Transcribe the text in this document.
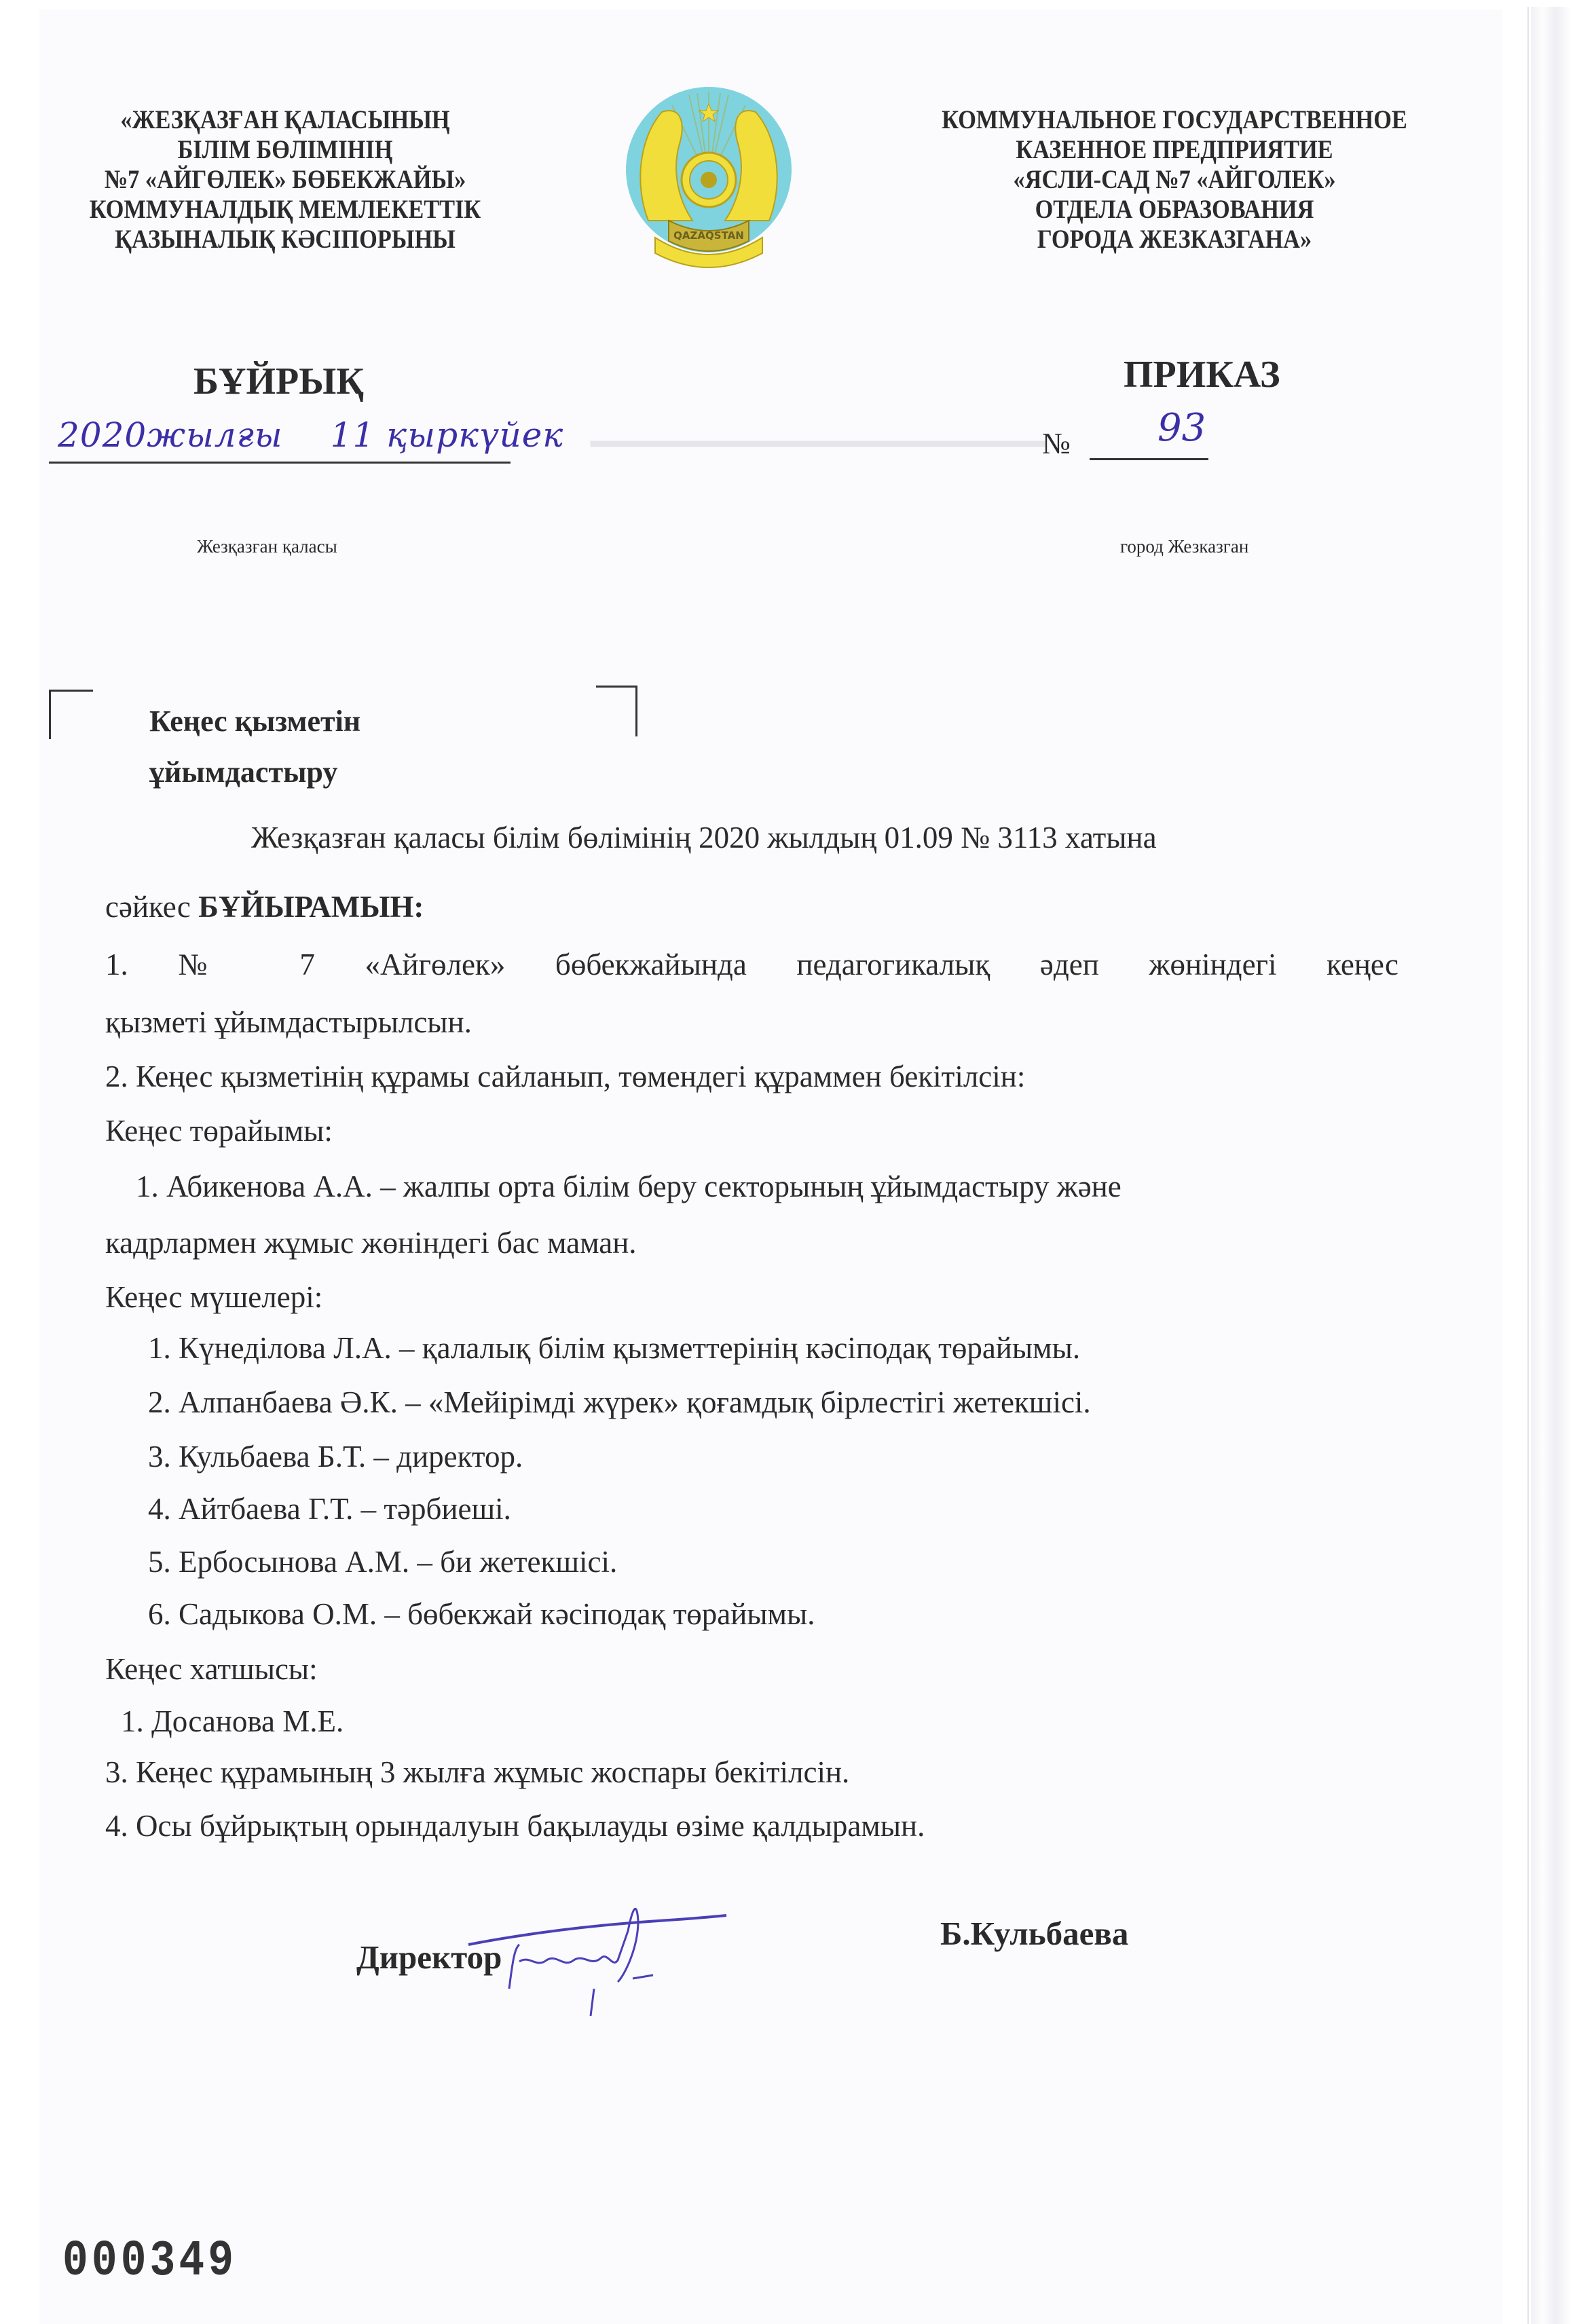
▁▁▁▁▁▁▁▁▁▁▁▁▁▁▁
«ЖЕЗҚАЗҒАН ҚАЛАСЫНЫҢ
БІЛІМ БӨЛІМІНІҢ
№7 «АЙГӨЛЕК» БӨБЕКЖАЙЫ»
КОММУНАЛДЫҚ МЕМЛЕКЕТТІК
ҚАЗЫНАЛЫҚ КӘСІПОРЫНЫ
КОММУНАЛЬНОЕ ГОСУДАРСТВЕННОЕ
КАЗЕННОЕ ПРЕДПРИЯТИЕ
«ЯСЛИ-САД №7 «АЙГОЛЕК»
ОТДЕЛА ОБРАЗОВАНИЯ
ГОРОДА ЖЕЗКАЗГАНА»
QAZAQSTAN
БҰЙРЫҚ	ПРИКАЗ
2020жылғы 11 қыркүйек	№ 93
Жезқазған қаласы	город Жезказган
Кеңес қызметін
ұйымдастыру
Жезқазған қаласы білім бөлімінің 2020 жылдың 01.09 № 3113 хатына
сәйкес БҰЙЫРАМЫН:
1. № 7 «Айгөлек» бөбекжайында педагогикалық әдеп жөніндегі кеңес
қызметі ұйымдастырылсын.
2. Кеңес қызметінің құрамы сайланып, төмендегі құраммен бекітілсін:
Кеңес төрайымы:
1. Абикенова А.А. – жалпы орта білім беру секторының ұйымдастыру және
кадрлармен жұмыс жөніндегі бас маман.
Кеңес мүшелері:
1. Күнеділова Л.А. – қалалық білім қызметтерінің кәсіподақ төрайымы.
2. Алпанбаева Ә.К. – «Мейірімді жүрек» қоғамдық бірлестігі жетекшісі.
3. Кульбаева Б.Т. – директор.
4. Айтбаева Г.Т. – тәрбиеші.
5. Ербосынова А.М. – би жетекшісі.
6. Садыкова О.М. – бөбекжай кәсіподақ төрайымы.
Кеңес хатшысы:
1. Досанова М.Е.
3. Кеңес құрамының 3 жылға жұмыс жоспары бекітілсін.
4. Осы бұйрықтың орындалуын бақылауды өзіме қалдырамын.
Директор
Б.Кульбаева
000349
